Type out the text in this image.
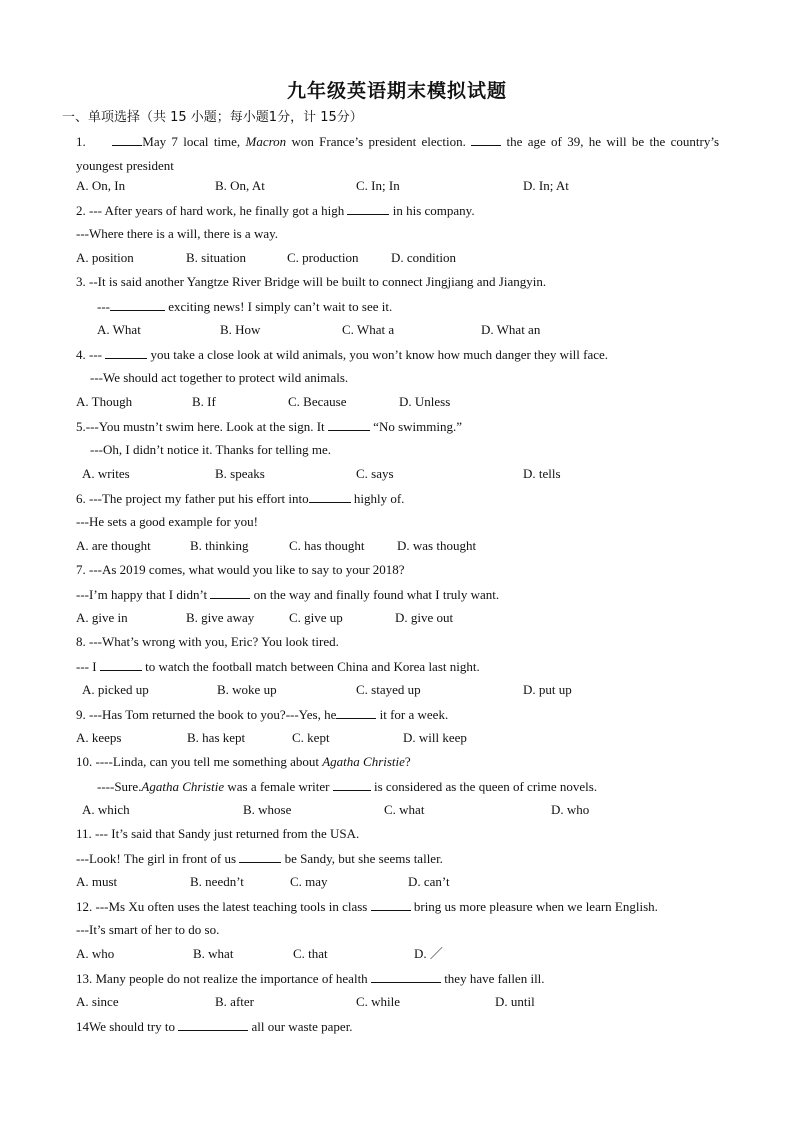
九年级英语期末模拟试题
一、单项选择（共 15 小题；每小题1分，计 15分）
1.	May 7 local time, Macron won France’s president election.	the age of 39, he will be the country’s youngest president
A. On, In	B. On, At	C. In; In	D. In; At
2. --- After years of hard work, he finally got a high	in his company.
---Where there is a will, there is a way.
A. position	B. situation	C. production	D. condition
3. --It is said another Yangtze River Bridge will be built to connect Jingjiang and Jiangyin.
---	exciting news! I simply can’t wait to see it.
A. What	B. How	C. What a	D. What an
4. ---	you take a close look at wild animals, you won’t know how much danger they will face.
---We should act together to protect wild animals.
A. Though	B. If	C. Because	D. Unless
5.---You mustn’t swim here. Look at the sign. It	“No swimming.”
---Oh, I didn’t notice it. Thanks for telling me.
A. writes	B. speaks	C. says	D. tells
6. ---The project my father put his effort into	highly of.
---He sets a good example for you!
A. are thought	B. thinking	C. has thought	D. was thought
7. ---As 2019 comes, what would you like to say to your 2018?
---I’m happy that I didn’t	on the way and finally found what I truly want.
A. give in	B. give away	C. give up	D. give out
8. ---What’s wrong with you, Eric? You look tired.
--- I	to watch the football match between China and Korea last night.
A. picked up	B. woke up	C. stayed up	D. put up
9. ---Has Tom returned the book to you?---Yes, he	it for a week.
A. keeps	B. has kept	C. kept	D. will keep
10. ----Linda, can you tell me something about Agatha Christie?
----Sure.Agatha Christie was a female writer	is considered as the queen of crime novels.
A. which	B. whose	C. what	D. who
11. --- It’s said that Sandy just returned from the USA.
---Look! The girl in front of us	be Sandy, but she seems taller.
A. must	B. needn’t	C. may	D. can’t
12. ---Ms Xu often uses the latest teaching tools in class	bring us more pleasure when we learn English.
---It’s smart of her to do so.
A. who	B. what	C. that	D. ／
13. Many people do not realize the importance of health	they have fallen ill.
A. since	B. after	C. while	D. until
14We should try to	all our waste paper.
